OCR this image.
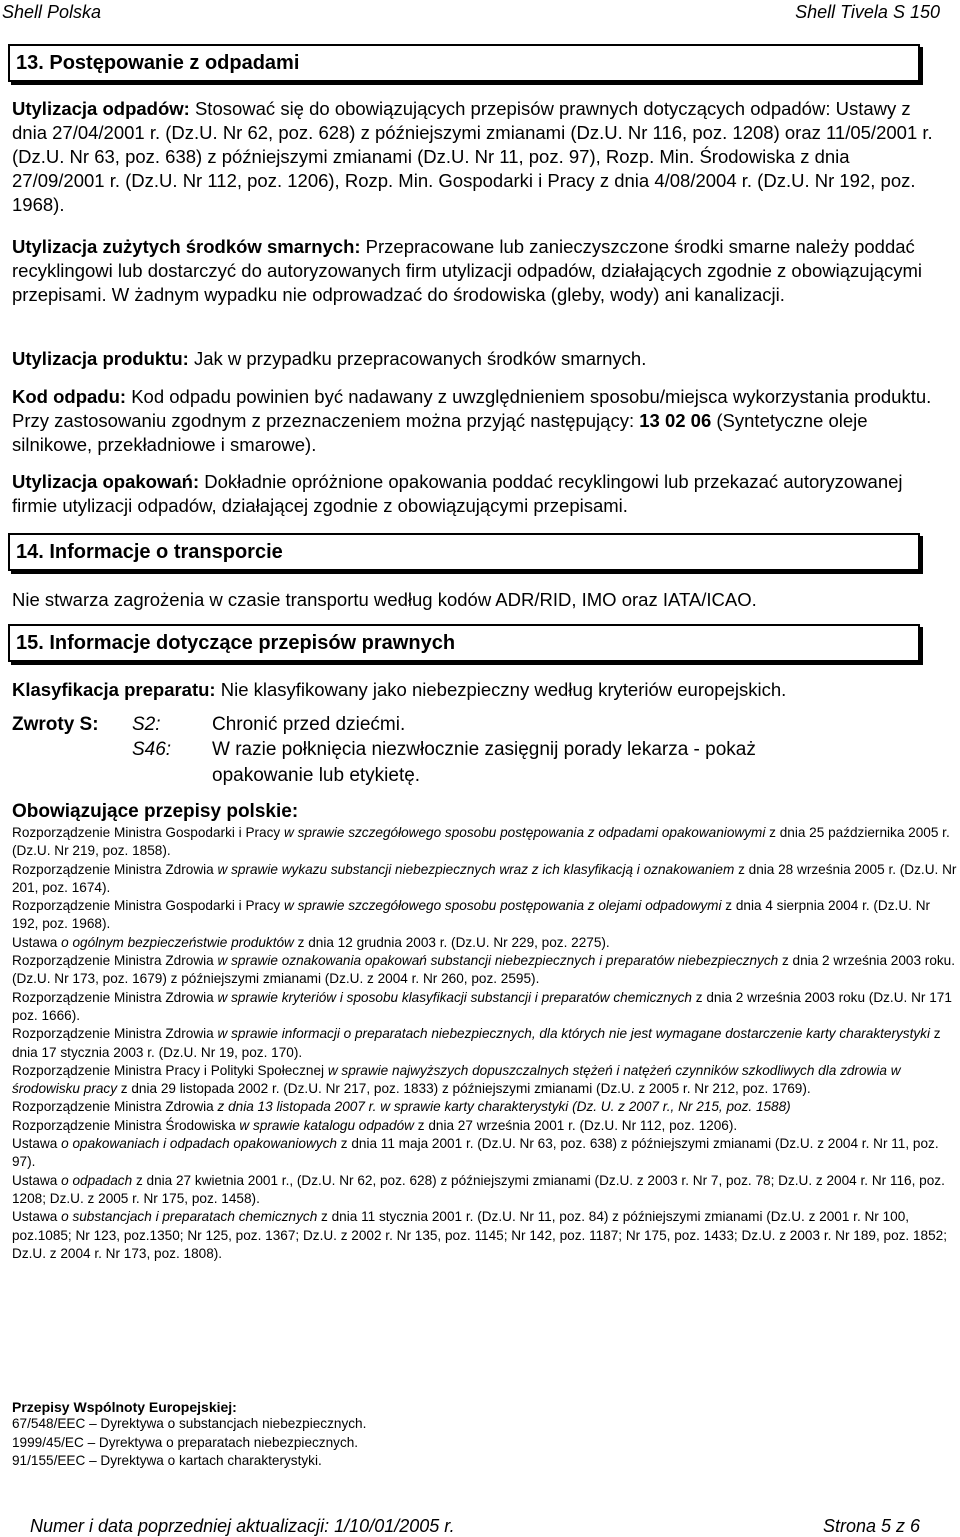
Shell Polska	Shell Tivela S 150
13. Postępowanie z odpadami
Utylizacja odpadów: Stosować się do obowiązujących przepisów prawnych dotyczących odpadów: Ustawy z dnia 27/04/2001 r. (Dz.U. Nr 62, poz. 628) z późniejszymi zmianami (Dz.U. Nr 116, poz. 1208) oraz 11/05/2001 r. (Dz.U. Nr 63, poz. 638) z późniejszymi zmianami (Dz.U. Nr 11, poz. 97), Rozp. Min. Środowiska z dnia 27/09/2001 r. (Dz.U. Nr 112, poz. 1206), Rozp. Min. Gospodarki i Pracy z dnia 4/08/2004 r. (Dz.U. Nr 192, poz. 1968).
Utylizacja zużytych środków smarnych: Przepracowane lub zanieczyszczone środki smarne należy poddać recyklingowi lub dostarczyć do autoryzowanych firm utylizacji odpadów, działających zgodnie z obowiązującymi przepisami. W żadnym wypadku nie odprowadzać do środowiska (gleby, wody) ani kanalizacji.
Utylizacja produktu: Jak w przypadku przepracowanych środków smarnych.
Kod odpadu: Kod odpadu powinien być nadawany z uwzględnieniem sposobu/miejsca wykorzystania produktu. Przy zastosowaniu zgodnym z przeznaczeniem można przyjąć następujący: 13 02 06 (Syntetyczne oleje silnikowe, przekładniowe i smarowe).
Utylizacja opakowań: Dokładnie opróżnione opakowania poddać recyklingowi lub przekazać autoryzowanej firmie utylizacji odpadów, działającej zgodnie z obowiązującymi przepisami.
14. Informacje o transporcie
Nie stwarza zagrożenia w czasie transportu według kodów ADR/RID, IMO oraz IATA/ICAO.
15. Informacje dotyczące przepisów prawnych
Klasyfikacja preparatu: Nie klasyfikowany jako niebezpieczny według kryteriów europejskich.
Zwroty S:	S2:	Chronić przed dziećmi.
S46: W razie połknięcia niezwłocznie zasięgnij porady lekarza - pokaż opakowanie lub etykietę.
Obowiązujące przepisy polskie:

Rozporządzenie Ministra Gospodarki i Pracy w sprawie szczegółowego sposobu postępowania z odpadami opakowaniowymi z dnia 25 października 2005 r. (Dz.U. Nr 219, poz. 1858).

Rozporządzenie Ministra Zdrowia w sprawie wykazu substancji niebezpiecznych wraz z ich klasyfikacją i oznakowaniem z dnia 28 września 2005 r. (Dz.U. Nr 201, poz. 1674).

Rozporządzenie Ministra Gospodarki i Pracy w sprawie szczegółowego sposobu postępowania z olejami odpadowymi z dnia 4 sierpnia 2004 r. (Dz.U. Nr 192, poz. 1968).

Ustawa o ogólnym bezpieczeństwie produktów z dnia 12 grudnia 2003 r. (Dz.U. Nr 229, poz. 2275).

Rozporządzenie Ministra Zdrowia w sprawie oznakowania opakowań substancji niebezpiecznych i preparatów niebezpiecznych z dnia 2 września 2003 roku. (Dz.U. Nr 173, poz. 1679) z późniejszymi zmianami (Dz.U. z 2004 r. Nr 260, poz. 2595).

Rozporządzenie Ministra Zdrowia w sprawie kryteriów i sposobu klasyfikacji substancji i preparatów chemicznych z dnia 2 września 2003 roku (Dz.U. Nr 171 poz. 1666).

Rozporządzenie Ministra Zdrowia w sprawie informacji o preparatach niebezpiecznych, dla których nie jest wymagane dostarczenie karty charakterystyki z dnia 17 stycznia 2003 r. (Dz.U. Nr 19, poz. 170).

Rozporządzenie Ministra Pracy i Polityki Społecznej w sprawie najwyższych dopuszczalnych stężeń i natężeń czynników szkodliwych dla zdrowia w środowisku pracy z dnia 29 listopada 2002 r. (Dz.U. Nr 217, poz. 1833) z późniejszymi zmianami (Dz.U. z 2005 r. Nr 212, poz. 1769).

Rozporządzenie Ministra Zdrowia z dnia 13 listopada 2007 r. w sprawie karty charakterystyki (Dz. U. z 2007 r., Nr 215, poz. 1588)

Rozporządzenie Ministra Środowiska w sprawie katalogu odpadów z dnia 27 września 2001 r. (Dz.U. Nr 112, poz. 1206).

Ustawa o opakowaniach i odpadach opakowaniowych z dnia 11 maja 2001 r. (Dz.U. Nr 63, poz. 638) z późniejszymi zmianami (Dz.U. z 2004 r. Nr 11, poz. 97).

Ustawa o odpadach z dnia 27 kwietnia 2001 r., (Dz.U. Nr 62, poz. 628) z późniejszymi zmianami (Dz.U. z 2003 r. Nr 7, poz. 78; Dz.U. z 2004 r. Nr 116, poz. 1208; Dz.U. z 2005 r. Nr 175, poz. 1458).

Ustawa o substancjach i preparatach chemicznych z dnia 11 stycznia 2001 r. (Dz.U. Nr 11, poz. 84) z późniejszymi zmianami (Dz.U. z 2001 r. Nr 100, poz.1085; Nr 123, poz.1350; Nr 125, poz. 1367; Dz.U. z 2002 r. Nr 135, poz. 1145; Nr 142, poz. 1187; Nr 175, poz. 1433; Dz.U. z 2003 r. Nr 189, poz. 1852; Dz.U. z 2004 r. Nr 173, poz. 1808).

Przepisy Wspólnoty Europejskiej:

67/548/EEC – Dyrektywa o substancjach niebezpiecznych.

1999/45/EC – Dyrektywa o preparatach niebezpiecznych.

91/155/EEC – Dyrektywa o kartach charakterystyki.

Numer i data poprzedniej aktualizacji: 1/10/01/2005 r.	Strona 5 z 6
